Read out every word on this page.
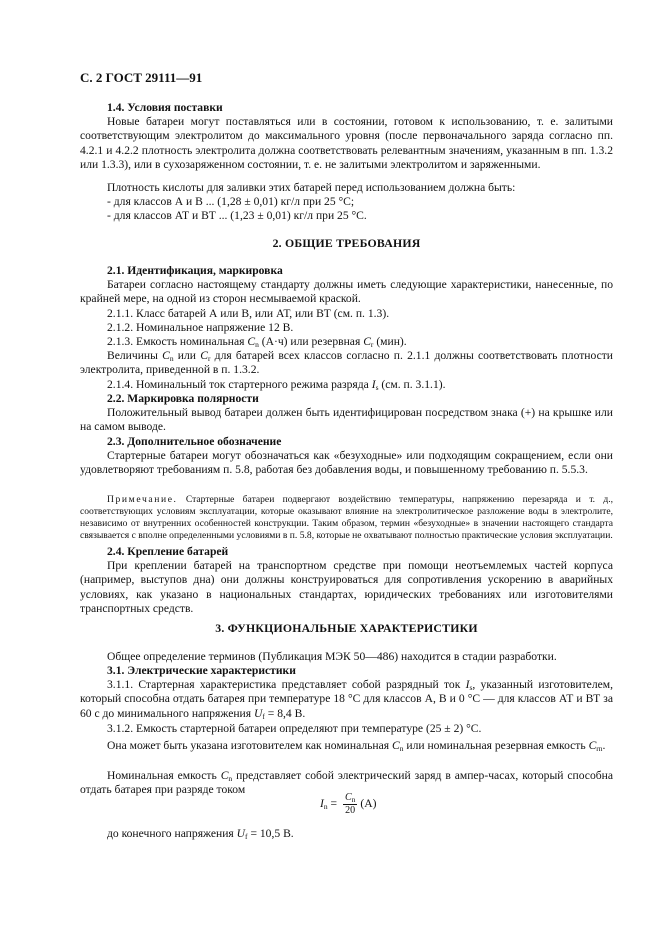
С. 2 ГОСТ 29111—91
1.4. Условия поставки
Новые батареи могут поставляться или в состоянии, готовом к использованию, т. е. залитыми соответствующим электролитом до максимального уровня (после первоначального заряда согласно пп. 4.2.1 и 4.2.2 плотность электролита должна соответствовать релевантным значениям, указанным в пп. 1.3.2 или 1.3.3), или в сухозаряженном состоянии, т. е. не залитыми электролитом и заряженными.
Плотность кислоты для заливки этих батарей перед использованием должна быть:
- для классов А и В ... (1,28 ± 0,01) кг/л при 25 °С;
- для классов АТ и ВТ ... (1,23 ± 0,01) кг/л при 25 °С.
2. ОБЩИЕ ТРЕБОВАНИЯ
2.1. Идентификация, маркировка
Батареи согласно настоящему стандарту должны иметь следующие характеристики, нанесенные, по крайней мере, на одной из сторон несмываемой краской.
2.1.1. Класс батарей А или В, или АТ, или ВТ (см. п. 1.3).
2.1.2. Номинальное напряжение 12 В.
2.1.3. Емкость номинальная $C_n$ (А·ч) или резервная $C_r$ (мин).
Величины $C_n$ или $C_r$ для батарей всех классов согласно п. 2.1.1 должны соответствовать плотности электролита, приведенной в п. 1.3.2.
2.1.4. Номинальный ток стартерного режима разряда $I_s$ (см. п. 3.1.1).
2.2. Маркировка полярности
Положительный вывод батареи должен быть идентифицирован посредством знака (+) на крышке или на самом выводе.
2.3. Дополнительное обозначение
Стартерные батареи могут обозначаться как «безуходные» или подходящим сокращением, если они удовлетворяют требованиям п. 5.8, работая без добавления воды, и повышенному требованию п. 5.5.3.
Примечание. Стартерные батареи подвергают воздействию температуры, напряжению перезаряда и т. д., соответствующих условиям эксплуатации, которые оказывают влияние на электролитическое разложение воды в электролите, независимо от внутренних особенностей конструкции. Таким образом, термин «безуходные» в значении настоящего стандарта связывается с вполне определенными условиями в п. 5.8, которые не охватывают полностью практические условия эксплуатации.
2.4. Крепление батарей
При креплении батарей на транспортном средстве при помощи неотъемлемых частей корпуса (например, выступов дна) они должны конструироваться для сопротивления ускорению в аварийных условиях, как указано в национальных стандартах, юридических требованиях или изготовителями транспортных средств.
3. ФУНКЦИОНАЛЬНЫЕ ХАРАКТЕРИСТИКИ
Общее определение терминов (Публикация МЭК 50—486) находится в стадии разработки.
3.1. Электрические характеристики
3.1.1. Стартерная характеристика представляет собой разрядный ток $I_s$, указанный изготовителем, который способна отдать батарея при температуре 18 °С для классов А, В и 0 °С — для классов АТ и ВТ за 60 с до минимального напряжения $U_f = 8,4$ В.
3.1.2. Емкость стартерной батареи определяют при температуре (25 ± 2) °С.
Она может быть указана изготовителем как номинальная $C_n$ или номинальная резервная емкость $C_{rn}$.
Номинальная емкость $C_n$ представляет собой электрический заряд в ампер-часах, который способна отдать батарея при разряде током
$I_n = \frac{C_n}{20} (А)$
до конечного напряжения $U_f = 10,5$ В.
